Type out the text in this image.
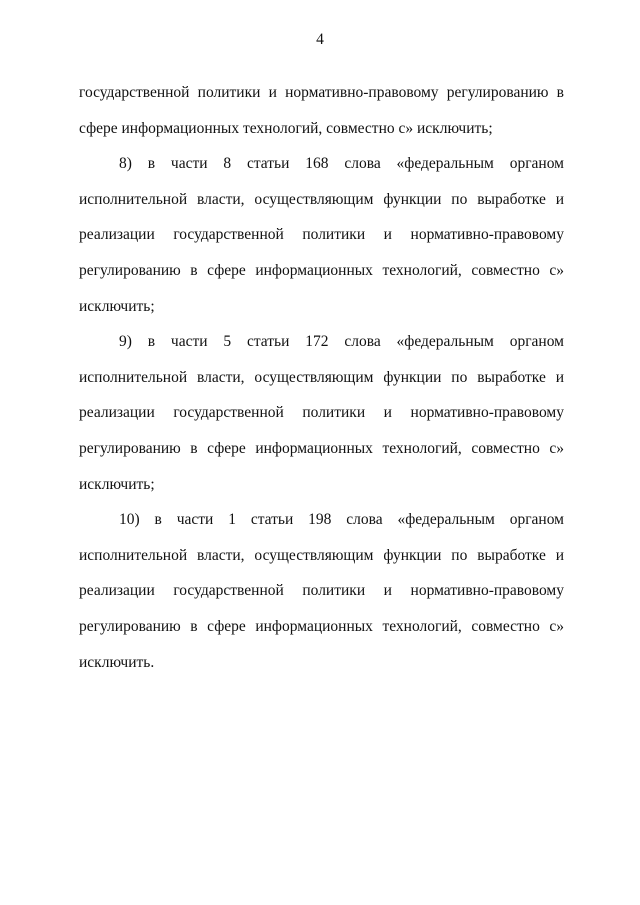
4

государственной политики и нормативно-правовому регулированию в сфере информационных технологий, совместно с» исключить;

8) в части 8 статьи 168 слова «федеральным органом исполнительной власти, осуществляющим функции по выработке и реализации государственной политики и нормативно-правовому регулированию в сфере информационных технологий, совместно с» исключить;

9) в части 5 статьи 172 слова «федеральным органом исполнительной власти, осуществляющим функции по выработке и реализации государственной политики и нормативно-правовому регулированию в сфере информационных технологий, совместно с» исключить;

10) в части 1 статьи 198 слова «федеральным органом исполнительной власти, осуществляющим функции по выработке и реализации государственной политики и нормативно-правовому регулированию в сфере информационных технологий, совместно с» исключить.
